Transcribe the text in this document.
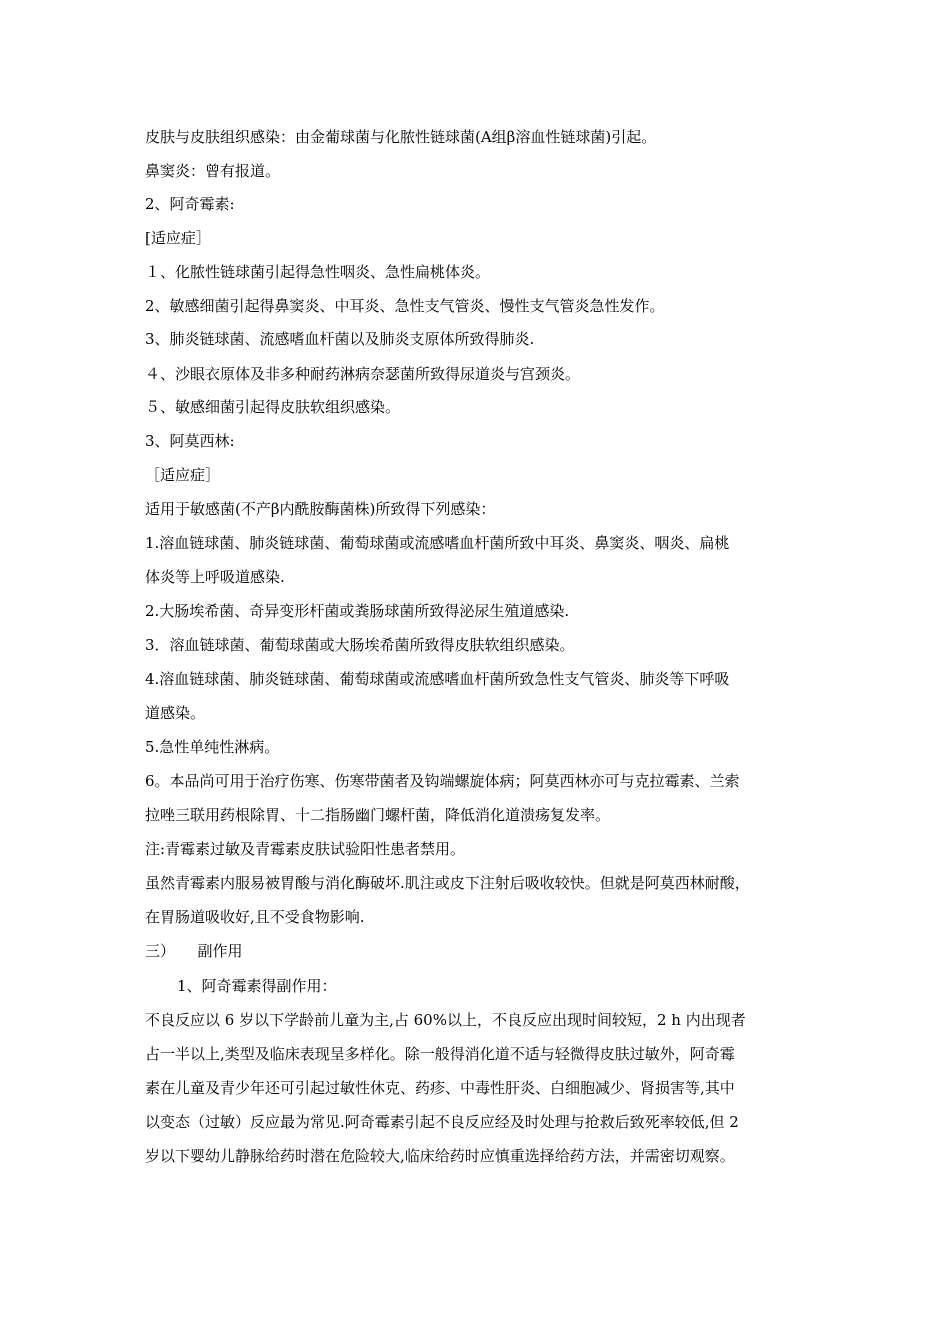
皮肤与皮肤组织感染：由金葡球菌与化脓性链球菌(A组β溶血性链球菌)引起。
鼻窦炎：曾有报道。
2、阿奇霉素:
[适应症］
１、化脓性链球菌引起得急性咽炎、急性扁桃体炎。
2、敏感细菌引起得鼻窦炎、中耳炎、急性支气管炎、慢性支气管炎急性发作。
3、肺炎链球菌、流感嗜血杆菌以及肺炎支原体所致得肺炎.
４、沙眼衣原体及非多种耐药淋病奈瑟菌所致得尿道炎与宫颈炎。
５、敏感细菌引起得皮肤软组织感染。
3、阿莫西林:
［适应症］
适用于敏感菌(不产β内酰胺酶菌株)所致得下列感染：
1.溶血链球菌、肺炎链球菌、葡萄球菌或流感嗜血杆菌所致中耳炎、鼻窦炎、咽炎、扁桃
体炎等上呼吸道感染.
2.大肠埃希菌、奇异变形杆菌或粪肠球菌所致得泌尿生殖道感染.
3．溶血链球菌、葡萄球菌或大肠埃希菌所致得皮肤软组织感染。
4.溶血链球菌、肺炎链球菌、葡萄球菌或流感嗜血杆菌所致急性支气管炎、肺炎等下呼吸
道感染。
5.急性单纯性淋病。
6。本品尚可用于治疗伤寒、伤寒带菌者及钩端螺旋体病；阿莫西林亦可与克拉霉素、兰索
拉唑三联用药根除胃、十二指肠幽门螺杆菌，降低消化道溃疡复发率。
注:青霉素过敏及青霉素皮肤试验阳性患者禁用。
虽然青霉素内服易被胃酸与消化酶破坏.肌注或皮下注射后吸收较快。但就是阿莫西林耐酸，
在胃肠道吸收好,且不受食物影响.
三）　　副作用
1、阿奇霉素得副作用：
不良反应以 6 岁以下学龄前儿童为主,占 60%以上，不良反应出现时间较短，2 h 内出现者
占一半以上,类型及临床表现呈多样化。除一般得消化道不适与轻微得皮肤过敏外，阿奇霉
素在儿童及青少年还可引起过敏性休克、药疹、中毒性肝炎、白细胞减少、肾损害等,其中
以变态（过敏）反应最为常见.阿奇霉素引起不良反应经及时处理与抢救后致死率较低,但 2
岁以下婴幼儿静脉给药时潜在危险较大,临床给药时应慎重选择给药方法，并需密切观察。
